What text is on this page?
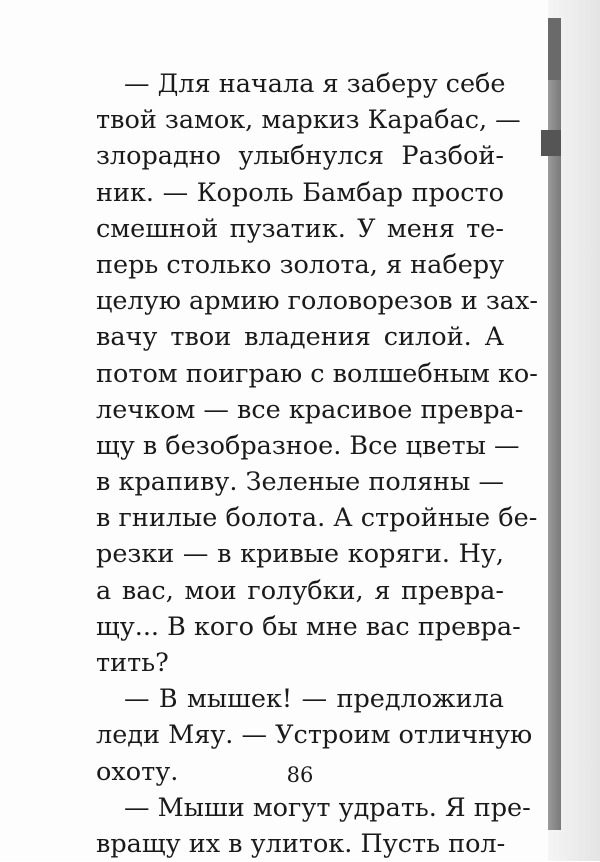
— Для начала я заберу себе
твой замок, маркиз Карабас, —
злорадно улыбнулся Разбой-
ник. — Король Бамбар просто
смешной пузатик. У меня те-
перь столько золота, я наберу
целую армию головорезов и зах-
вачу твои владения силой. А
потом поиграю с волшебным ко-
лечком — все красивое превра-
щу в безобразное. Все цветы —
в крапиву. Зеленые поляны —
в гнилые болота. А стройные бе-
резки — в кривые коряги. Ну,
а вас, мои голубки, я превра-
щу... В кого бы мне вас превра-
тить?
— В мышек! — предложила
леди Мяу. — Устроим отличную
охоту.
— Мыши могут удрать. Я пре-
вращу их в улиток. Пусть пол-
86
